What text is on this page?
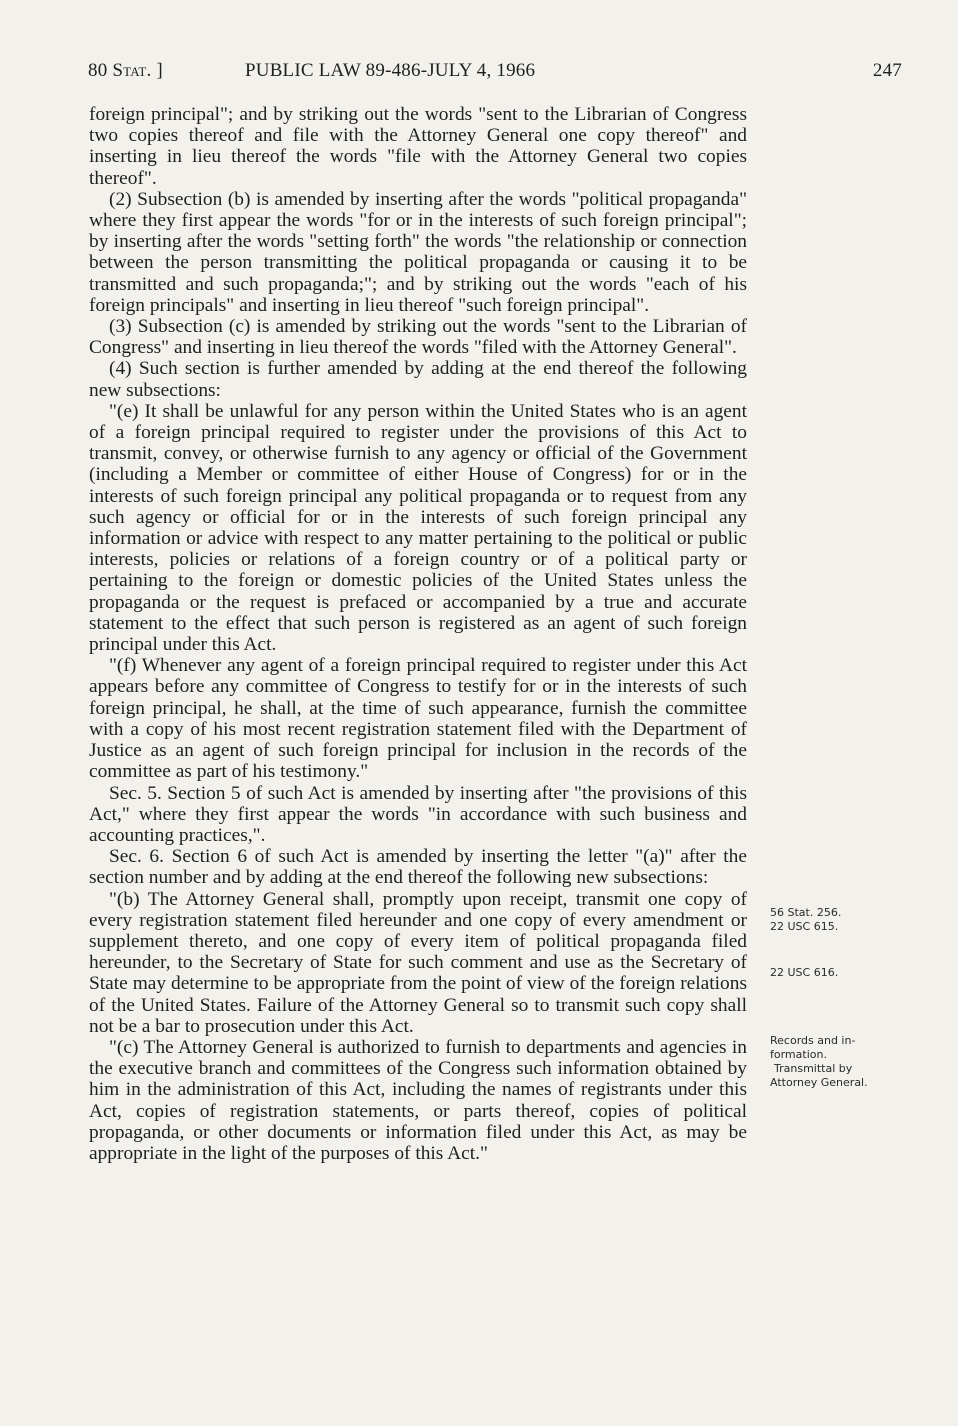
80 Stat. ]	PUBLIC LAW 89-486-JULY 4, 1966	247

foreign principal"; and by striking out the words "sent to the Librarian of Congress two copies thereof and file with the Attorney General one copy thereof" and inserting in lieu thereof the words "file with the Attorney General two copies thereof".

(2) Subsection (b) is amended by inserting after the words "political propaganda" where they first appear the words "for or in the interests of such foreign principal"; by inserting after the words "setting forth" the words "the relationship or connection between the person transmitting the political propaganda or causing it to be transmitted and such propaganda;"; and by striking out the words "each of his foreign principals" and inserting in lieu thereof "such foreign principal".

(3) Subsection (c) is amended by striking out the words "sent to the Librarian of Congress" and inserting in lieu thereof the words "filed with the Attorney General".

(4) Such section is further amended by adding at the end thereof the following new subsections:

"(e) It shall be unlawful for any person within the United States who is an agent of a foreign principal required to register under the provisions of this Act to transmit, convey, or otherwise furnish to any agency or official of the Government (including a Member or committee of either House of Congress) for or in the interests of such foreign principal any political propaganda or to request from any such agency or official for or in the interests of such foreign principal any information or advice with respect to any matter pertaining to the political or public interests, policies or relations of a foreign country or of a political party or pertaining to the foreign or domestic policies of the United States unless the propaganda or the request is prefaced or accompanied by a true and accurate statement to the effect that such person is registered as an agent of such foreign principal under this Act.

"(f) Whenever any agent of a foreign principal required to register under this Act appears before any committee of Congress to testify for or in the interests of such foreign principal, he shall, at the time of such appearance, furnish the committee with a copy of his most recent registration statement filed with the Department of Justice as an agent of such foreign principal for inclusion in the records of the committee as part of his testimony."

Sec. 5. Section 5 of such Act is amended by inserting after "the provisions of this Act," where they first appear the words "in accordance with such business and accounting practices,".

Sec. 6. Section 6 of such Act is amended by inserting the letter "(a)" after the section number and by adding at the end thereof the following new subsections:

"(b) The Attorney General shall, promptly upon receipt, transmit one copy of every registration statement filed hereunder and one copy of every amendment or supplement thereto, and one copy of every item of political propaganda filed hereunder, to the Secretary of State for such comment and use as the Secretary of State may determine to be appropriate from the point of view of the foreign relations of the United States. Failure of the Attorney General so to transmit such copy shall not be a bar to prosecution under this Act.

"(c) The Attorney General is authorized to furnish to departments and agencies in the executive branch and committees of the Congress such information obtained by him in the administration of this Act, including the names of registrants under this Act, copies of registration statements, or parts thereof, copies of political propaganda, or other documents or information filed under this Act, as may be appropriate in the light of the purposes of this Act."

56 Stat. 256.
22 USC 615.
22 USC 616.
Records and in-
formation.
Transmittal by
Attorney General.
